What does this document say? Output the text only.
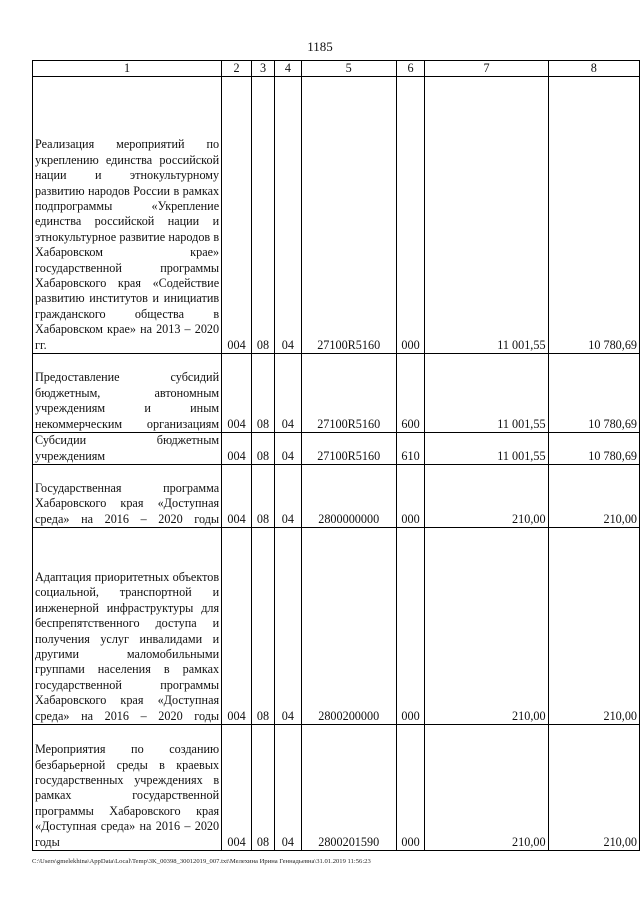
1185
1	2	3	4	5	6	7	8
Реализация мероприятий по укреплению единства российской нации и этнокультурному развитию народов России в рамках подпрограммы «Укрепление единства российской нации и этнокультурное развитие народов в Хабаровском крае» государственной программы Хабаровского края «Содействие развитию институтов и инициатив гражданского общества в Хабаровском крае» на 2013 – 2020 гг.	004	08	04	27100R5160	000	11 001,55	10 780,69
Предоставление субсидий бюджетным, автономным учреждениям и иным некоммерческим организациям	004	08	04	27100R5160	600	11 001,55	10 780,69
Субсидии бюджетным учреждениям	004	08	04	27100R5160	610	11 001,55	10 780,69
Государственная программа Хабаровского края «Доступная среда» на 2016 – 2020 годы	004	08	04	2800000000	000	210,00	210,00
Адаптация приоритетных объектов социальной, транспортной и инженерной инфраструктуры для беспрепятственного доступа и получения услуг инвалидами и другими маломобильными группами населения в рамках государственной программы Хабаровского края «Доступная среда» на 2016 – 2020 годы	004	08	04	2800200000	000	210,00	210,00
Мероприятия по созданию безбарьерной среды в краевых государственных учреждениях в рамках государственной программы Хабаровского края «Доступная среда» на 2016 – 2020 годы	004	08	04	2800201590	000	210,00	210,00
C:\Users\gmelekhina\AppData\Local\Temp\3K_00398_30012019_007.txt\Мелехина Ирина Геннадьевна\31.01.2019 11:56:23
